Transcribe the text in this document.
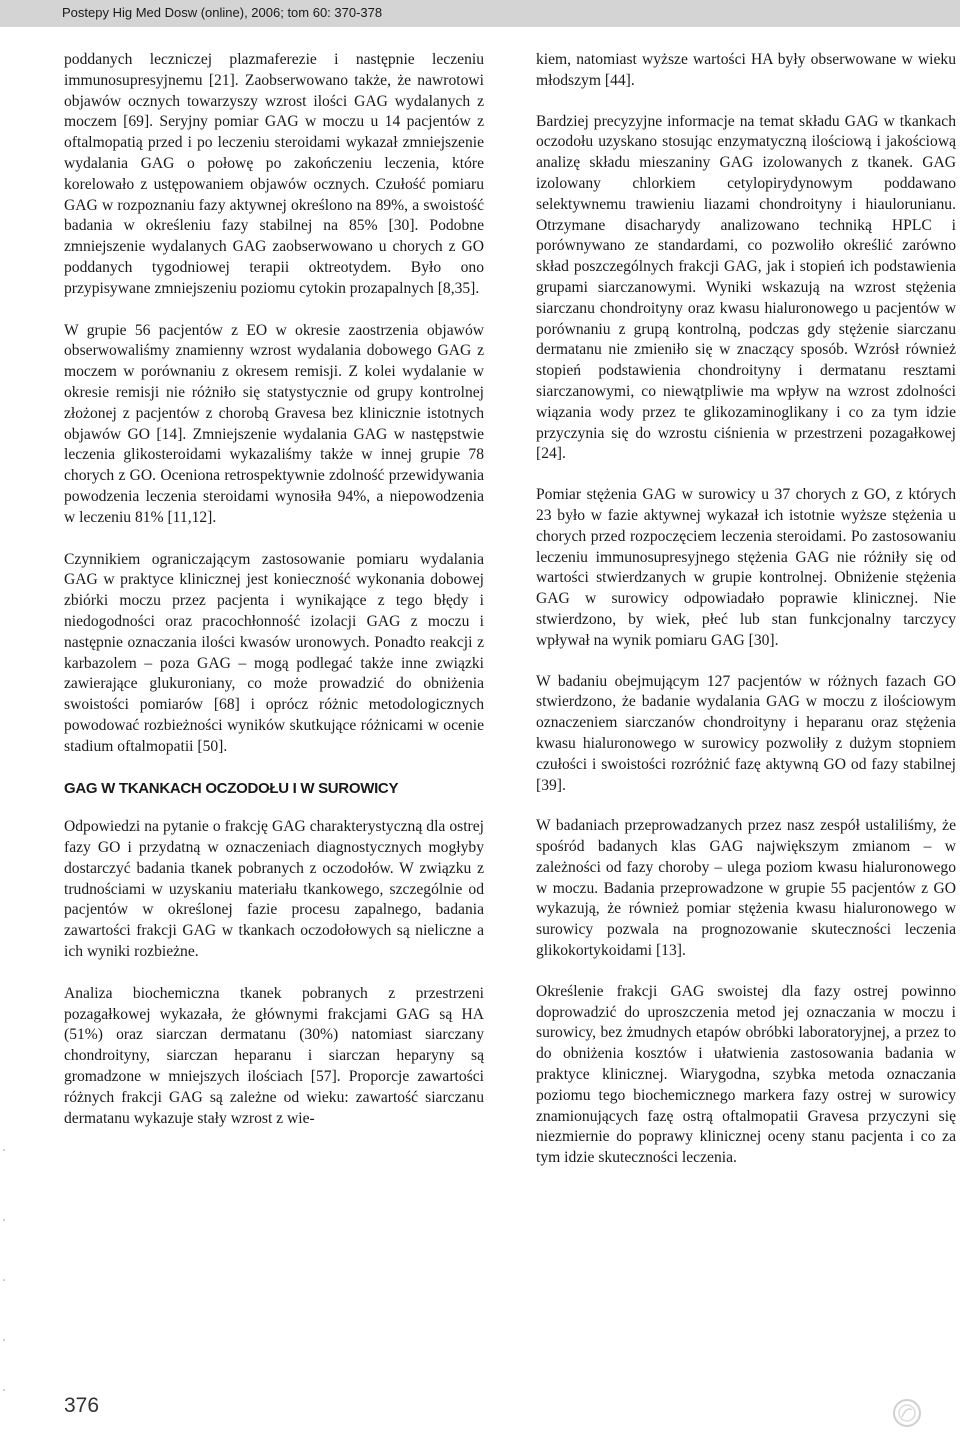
Postepy Hig Med Dosw (online), 2006; tom 60: 370-378

poddanych leczniczej plazmaferezie i następnie leczeniu immunosupresyjnemu [21]. Zaobserwowano także, że nawrotowi objawów ocznych towarzyszy wzrost ilości GAG wydalanych z moczem [69]. Seryjny pomiar GAG w moczu u 14 pacjentów z oftalmopatią przed i po leczeniu steroidami wykazał zmniejszenie wydalania GAG o połowę po zakończeniu leczenia, które korelowało z ustępowaniem objawów ocznych. Czułość pomiaru GAG w rozpoznaniu fazy aktywnej określono na 89%, a swoistość badania w określeniu fazy stabilnej na 85% [30]. Podobne zmniejszenie wydalanych GAG zaobserwowano u chorych z GO poddanych tygodniowej terapii oktreotydem. Było ono przypisywane zmniejszeniu poziomu cytokin prozapalnych [8,35].

W grupie 56 pacjentów z EO w okresie zaostrzenia objawów obserwowaliśmy znamienny wzrost wydalania dobowego GAG z moczem w porównaniu z okresem remisji. Z kolei wydalanie w okresie remisji nie różniło się statystycznie od grupy kontrolnej złożonej z pacjentów z chorobą Gravesa bez klinicznie istotnych objawów GO [14]. Zmniejszenie wydalania GAG w następstwie leczenia glikosteroidami wykazaliśmy także w innej grupie 78 chorych z GO. Oceniona retrospektywnie zdolność przewidywania powodzenia leczenia steroidami wynosiła 94%, a niepowodzenia w leczeniu 81% [11,12].

Czynnikiem ograniczającym zastosowanie pomiaru wydalania GAG w praktyce klinicznej jest konieczność wykonania dobowej zbiórki moczu przez pacjenta i wynikające z tego błędy i niedogodności oraz pracochłonność izolacji GAG z moczu i następnie oznaczania ilości kwasów uronowych. Ponadto reakcji z karbazolem – poza GAG – mogą podlegać także inne związki zawierające glukuroniany, co może prowadzić do obniżenia swoistości pomiarów [68] i oprócz różnic metodologicznych powodować rozbieżności wyników skutkujące różnicami w ocenie stadium oftalmopatii [50].

GAG W TKANKACH OCZODOŁU I W SUROWICY

Odpowiedzi na pytanie o frakcję GAG charakterystyczną dla ostrej fazy GO i przydatną w oznaczeniach diagnostycznych mogłyby dostarczyć badania tkanek pobranych z oczodołów. W związku z trudnościami w uzyskaniu materiału tkankowego, szczególnie od pacjentów w określonej fazie procesu zapalnego, badania zawartości frakcji GAG w tkankach oczodołowych są nieliczne a ich wyniki rozbieżne.

Analiza biochemiczna tkanek pobranych z przestrzeni pozagałkowej wykazała, że głównymi frakcjami GAG są HA (51%) oraz siarczan dermatanu (30%) natomiast siarczany chondroityny, siarczan heparanu i siarczan heparyny są gromadzone w mniejszych ilościach [57]. Proporcje zawartości różnych frakcji GAG są zależne od wieku: zawartość siarczanu dermatanu wykazuje stały wzrost z wie-

kiem, natomiast wyższe wartości HA były obserwowane w wieku młodszym [44].

Bardziej precyzyjne informacje na temat składu GAG w tkankach oczodołu uzyskano stosując enzymatyczną ilościową i jakościową analizę składu mieszaniny GAG izolowanych z tkanek. GAG izolowany chlorkiem cetylopirydynowym poddawano selektywnemu trawieniu liazami chondroityny i hiaulorunianu. Otrzymane disacharydy analizowano techniką HPLC i porównywano ze standardami, co pozwoliło określić zarówno skład poszczególnych frakcji GAG, jak i stopień ich podstawienia grupami siarczanowymi. Wyniki wskazują na wzrost stężenia siarczanu chondroityny oraz kwasu hialuronowego u pacjentów w porównaniu z grupą kontrolną, podczas gdy stężenie siarczanu dermatanu nie zmieniło się w znaczący sposób. Wzrósł również stopień podstawienia chondroityny i dermatanu resztami siarczanowymi, co niewątpliwie ma wpływ na wzrost zdolności wiązania wody przez te glikozaminoglikany i co za tym idzie przyczynia się do wzrostu ciśnienia w przestrzeni pozagałkowej [24].

Pomiar stężenia GAG w surowicy u 37 chorych z GO, z których 23 było w fazie aktywnej wykazał ich istotnie wyższe stężenia u chorych przed rozpoczęciem leczenia steroidami. Po zastosowaniu leczeniu immunosupresyjnego stężenia GAG nie różniły się od wartości stwierdzanych w grupie kontrolnej. Obniżenie stężenia GAG w surowicy odpowiadało poprawie klinicznej. Nie stwierdzono, by wiek, płeć lub stan funkcjonalny tarczycy wpływał na wynik pomiaru GAG [30].

W badaniu obejmującym 127 pacjentów w różnych fazach GO stwierdzono, że badanie wydalania GAG w moczu z ilościowym oznaczeniem siarczanów chondroityny i heparanu oraz stężenia kwasu hialuronowego w surowicy pozwoliły z dużym stopniem czułości i swoistości rozróżnić fazę aktywną GO od fazy stabilnej [39].

W badaniach przeprowadzanych przez nasz zespół ustaliliśmy, że spośród badanych klas GAG największym zmianom – w zależności od fazy choroby – ulega poziom kwasu hialuronowego w moczu. Badania przeprowadzone w grupie 55 pacjentów z GO wykazują, że również pomiar stężenia kwasu hialuronowego w surowicy pozwala na prognozowanie skuteczności leczenia glikokortykoidami [13].

Określenie frakcji GAG swoistej dla fazy ostrej powinno doprowadzić do uproszczenia metod jej oznaczania w moczu i surowicy, bez żmudnych etapów obróbki laboratoryjnej, a przez to do obniżenia kosztów i ułatwienia zastosowania badania w praktyce klinicznej. Wiarygodna, szybka metoda oznaczania poziomu tego biochemicznego markera fazy ostrej w surowicy znamionujących fazę ostrą oftalmopatii Gravesa przyczyni się niezmiernie do poprawy klinicznej oceny stanu pacjenta i co za tym idzie skuteczności leczenia.

376
